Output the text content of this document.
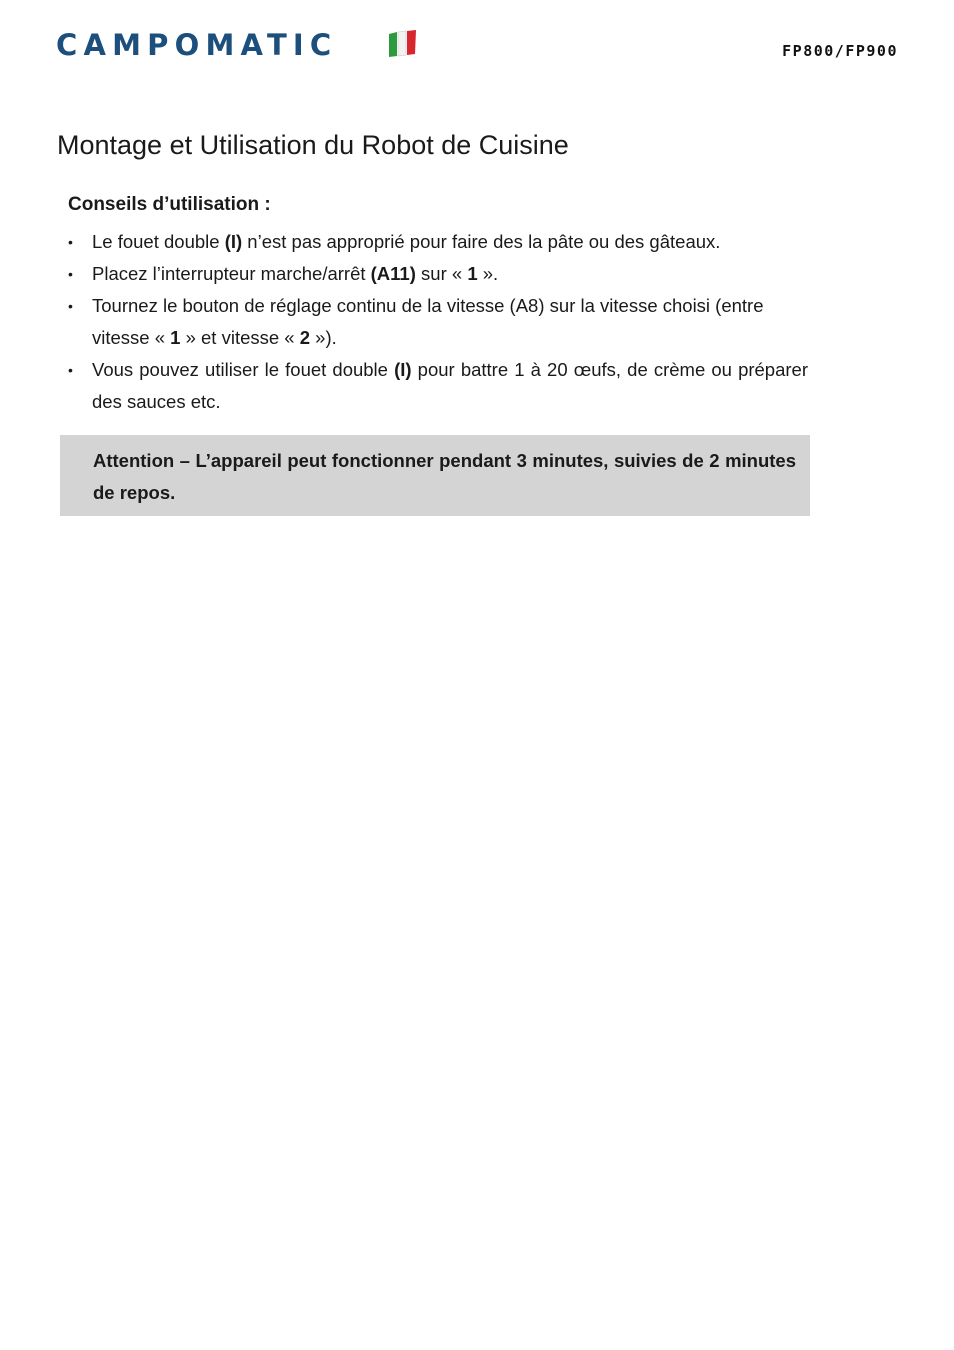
CAMPOMATIC	FP800/FP900
Montage et Utilisation du Robot de Cuisine
Conseils d’utilisation :
• Le fouet double (I) n’est pas approprié pour faire des la pâte ou des gâteaux.
• Placez l’interrupteur marche/arrêt (A11) sur « 1 ».
• Tournez le bouton de réglage continu de la vitesse (A8) sur la vitesse choisi (entre vitesse « 1 » et vitesse « 2 »).
• Vous pouvez utiliser le fouet double (I) pour battre 1 à 20 œufs, de crème ou préparer des sauces etc.

Attention – L’appareil peut fonctionner pendant 3 minutes, suivies de 2 minutes de repos.
